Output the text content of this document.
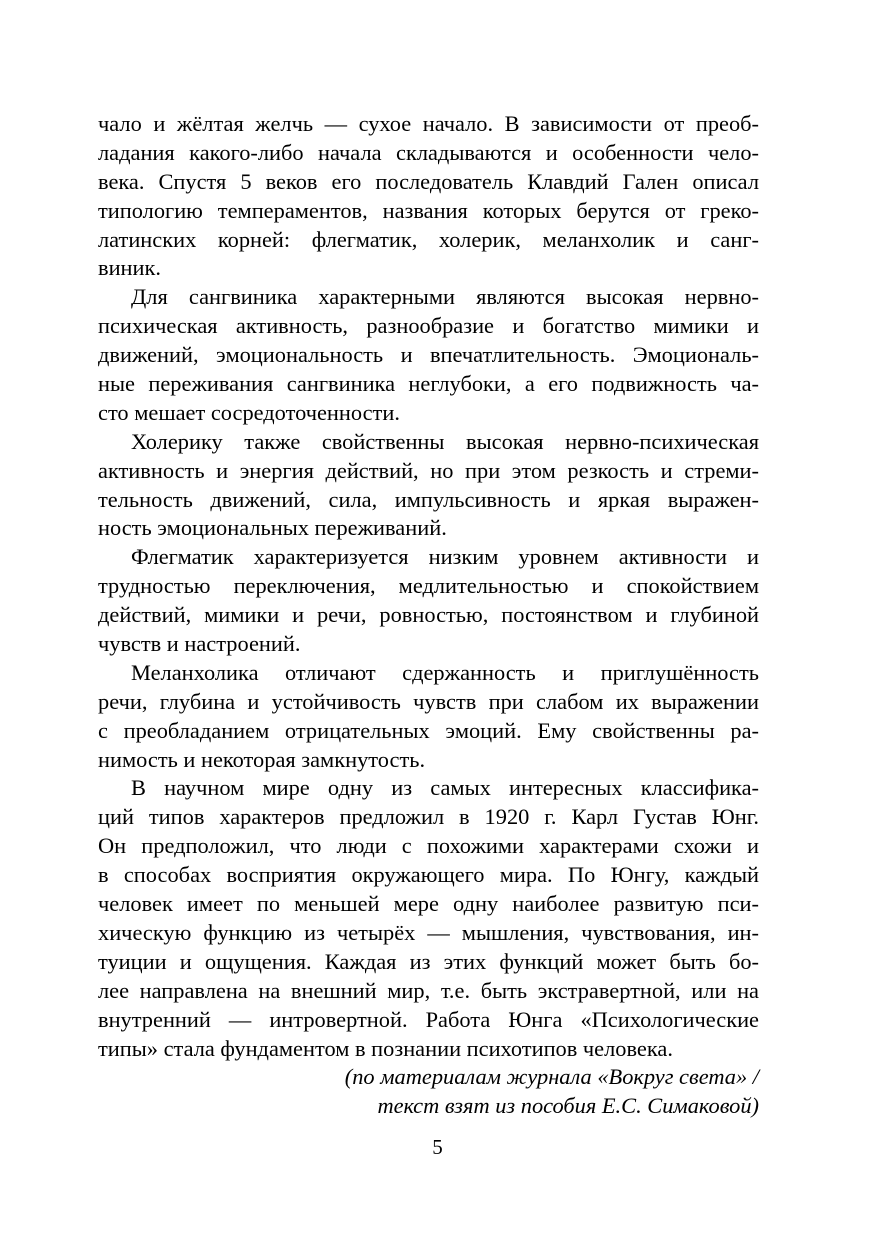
чало и жёлтая желчь — сухое начало. В зависимости от преоб-
ладания какого-либо начала складываются и особенности чело-
века. Спустя 5 веков его последователь Клавдий Гален описал
типологию темпераментов, названия которых берутся от греко-
латинских корней: флегматик, холерик, меланхолик и санг-
виник.
Для сангвиника характерными являются высокая нервно-
психическая активность, разнообразие и богатство мимики и
движений, эмоциональность и впечатлительность. Эмоциональ-
ные переживания сангвиника неглубоки, а его подвижность ча-
сто мешает сосредоточенности.
Холерику также свойственны высокая нервно-психическая
активность и энергия действий, но при этом резкость и стреми-
тельность движений, сила, импульсивность и яркая выражен-
ность эмоциональных переживаний.
Флегматик характеризуется низким уровнем активности и
трудностью переключения, медлительностью и спокойствием
действий, мимики и речи, ровностью, постоянством и глубиной
чувств и настроений.
Меланхолика отличают сдержанность и приглушённость
речи, глубина и устойчивость чувств при слабом их выражении
с преобладанием отрицательных эмоций. Ему свойственны ра-
нимость и некоторая замкнутость.
В научном мире одну из самых интересных классифика-
ций типов характеров предложил в 1920 г. Карл Густав Юнг.
Он предположил, что люди с похожими характерами схожи и
в способах восприятия окружающего мира. По Юнгу, каждый
человек имеет по меньшей мере одну наиболее развитую пси-
хическую функцию из четырёх — мышления, чувствования, ин-
туиции и ощущения. Каждая из этих функций может быть бо-
лее направлена на внешний мир, т.е. быть экстравертной, или на
внутренний — интровертной. Работа Юнга «Психологические
типы» стала фундаментом в познании психотипов человека.
(по материалам журнала «Вокруг света» /
текст взят из пособия Е.С. Симаковой)
5
